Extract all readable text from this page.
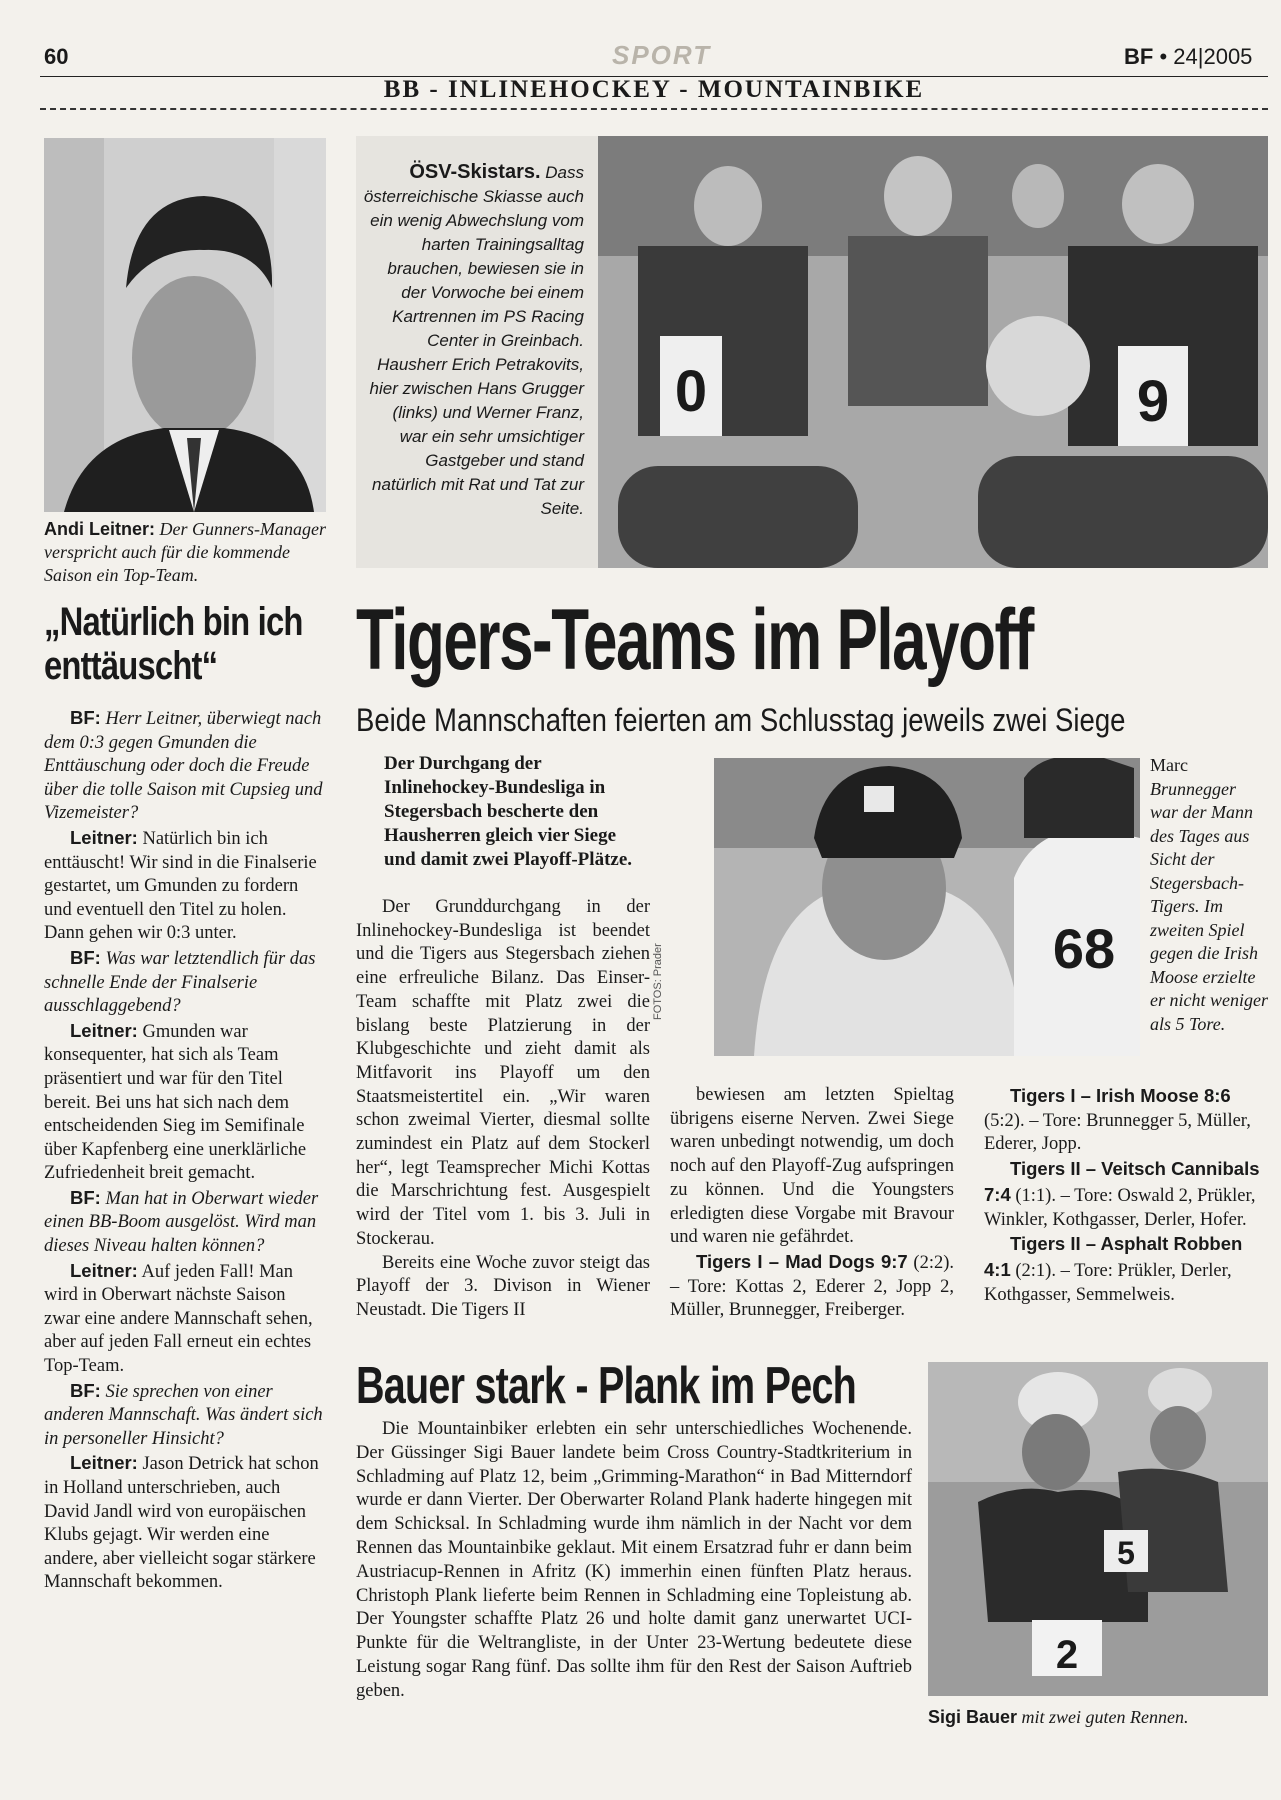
60	SPORT	BF • 24|2005
BB - INLINEHOCKEY - MOUNTAINBIKE
Andi Leitner: Der Gunners-Manager verspricht auch für die kommende Saison ein Top-Team.
ÖSV-Skistars. Dass österreichische Skiasse auch ein wenig Abwechslung vom harten Trainingsalltag brauchen, bewiesen sie in der Vorwoche bei einem Kartrennen im PS Racing Center in Greinbach. Hausherr Erich Petrakovits, hier zwischen Hans Grugger (links) und Werner Franz, war ein sehr umsichtiger Gastgeber und stand natürlich mit Rat und Tat zur Seite.
0	9
„Natürlich bin ich enttäuscht“

BF: Herr Leitner, überwiegt nach dem 0:3 gegen Gmunden die Enttäuschung oder doch die Freude über die tolle Saison mit Cupsieg und Vizemeister?

Leitner: Natürlich bin ich enttäuscht! Wir sind in die Finalserie gestartet, um Gmunden zu fordern und eventuell den Titel zu holen. Dann gehen wir 0:3 unter.

BF: Was war letztendlich für das schnelle Ende der Finalserie ausschlaggebend?

Leitner: Gmunden war konsequenter, hat sich als Team präsentiert und war für den Titel bereit. Bei uns hat sich nach dem entscheidenden Sieg im Semifinale über Kapfenberg eine unerklärliche Zufriedenheit breit gemacht.

BF: Man hat in Oberwart wieder einen BB-Boom ausgelöst. Wird man dieses Niveau halten können?

Leitner: Auf jeden Fall! Man wird in Oberwart nächste Saison zwar eine andere Mannschaft sehen, aber auf jeden Fall erneut ein echtes Top-Team.

BF: Sie sprechen von einer anderen Mannschaft. Was ändert sich in personeller Hinsicht?

Leitner: Jason Detrick hat schon in Holland unterschrieben, auch David Jandl wird von europäischen Klubs gejagt. Wir werden eine andere, aber vielleicht sogar stärkere Mannschaft bekommen.

Tigers-Teams im Playoff
Beide Mannschaften feierten am Schlusstag jeweils zwei Siege
Der Durchgang der Inlinehockey-Bundesliga in Stegersbach bescherte den Hausherren gleich vier Siege und damit zwei Playoff-Plätze.

Der Grunddurchgang in der Inlinehockey-Bundesliga ist beendet und die Tigers aus Stegersbach ziehen eine erfreuliche Bilanz. Das Einser-Team schaffte mit Platz zwei die bislang beste Platzierung in der Klubgeschichte und zieht damit als Mitfavorit ins Playoff um den Staatsmeistertitel ein. „Wir waren schon zweimal Vierter, diesmal sollte zumindest ein Platz auf dem Stockerl her“, legt Teamsprecher Michi Kottas die Marschrichtung fest. Ausgespielt wird der Titel vom 1. bis 3. Juli in Stockerau.

Bereits eine Woche zuvor steigt das Playoff der 3. Divison in Wiener Neustadt. Die Tigers II

68
FOTOS: Prader
Marc Brunnegger war der Mann des Tages aus Sicht der Stegersbach-Tigers. Im zweiten Spiel gegen die Irish Moose erzielte er nicht weniger als 5 Tore.

bewiesen am letzten Spieltag übrigens eiserne Nerven. Zwei Siege waren unbedingt notwendig, um doch noch auf den Playoff-Zug aufspringen zu können. Und die Youngsters erledigten diese Vorgabe mit Bravour und waren nie gefährdet.

Tigers I – Mad Dogs 9:7 (2:2). – Tore: Kottas 2, Ederer 2, Jopp 2, Müller, Brunnegger, Freiberger.

Tigers I – Irish Moose 8:6 (5:2). – Tore: Brunnegger 5, Müller, Ederer, Jopp.

Tigers II – Veitsch Cannibals 7:4 (1:1). – Tore: Oswald 2, Prükler, Winkler, Kothgasser, Derler, Hofer.

Tigers II – Asphalt Robben 4:1 (2:1). – Tore: Prükler, Derler, Kothgasser, Semmelweis.

Bauer stark - Plank im Pech

Die Mountainbiker erlebten ein sehr unterschiedliches Wochenende. Der Güssinger Sigi Bauer landete beim Cross Country-Stadtkriterium in Schladming auf Platz 12, beim „Grimming-Marathon“ in Bad Mitterndorf wurde er dann Vierter. Der Oberwarter Roland Plank haderte hingegen mit dem Schicksal. In Schladming wurde ihm nämlich in der Nacht vor dem Rennen das Mountainbike geklaut. Mit einem Ersatzrad fuhr er dann beim Austriacup-Rennen in Afritz (K) immerhin einen fünften Platz heraus. Christoph Plank lieferte beim Rennen in Schladming eine Topleistung ab. Der Youngster schaffte Platz 26 und holte damit ganz unerwartet UCI-Punkte für die Weltrangliste, in der Unter 23-Wertung bedeutete diese Leistung sogar Rang fünf. Das sollte ihm für den Rest der Saison Auftrieb geben.

2
5
Sigi Bauer mit zwei guten Rennen.
